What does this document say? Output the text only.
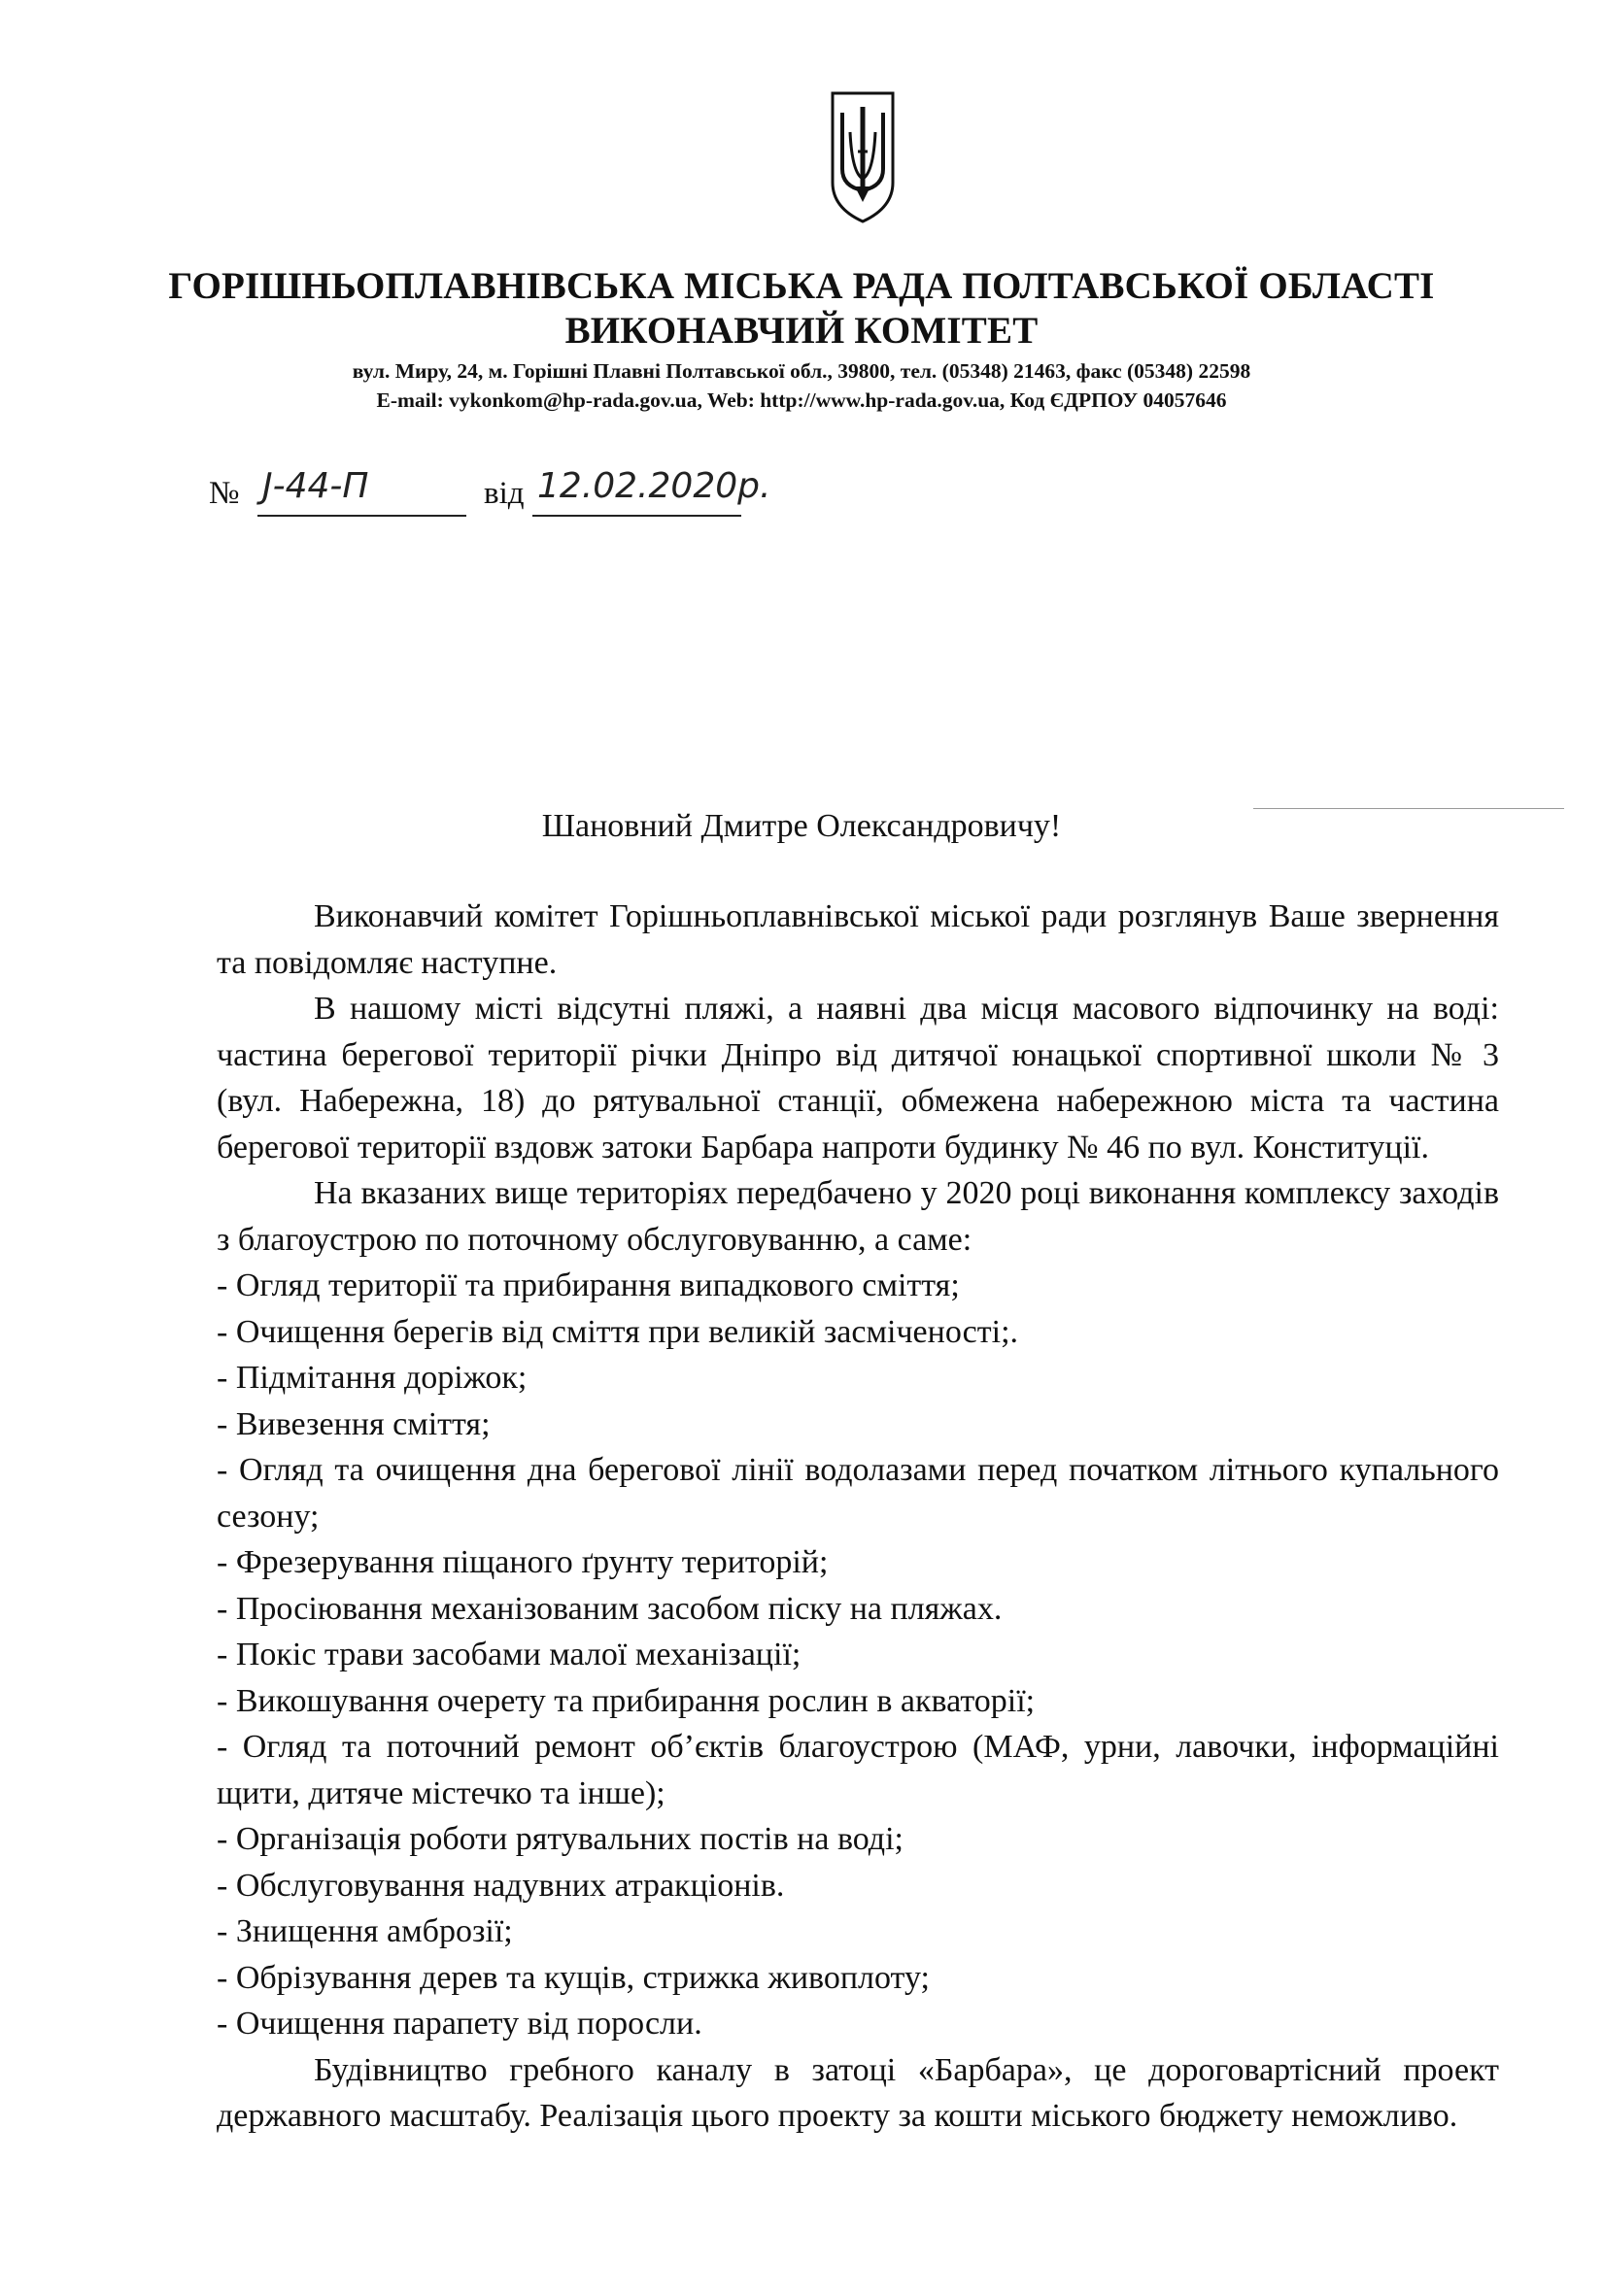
ГОРІШНЬОПЛАВНІВСЬКА МІСЬКА РАДА ПОЛТАВСЬКОЇ ОБЛАСТІ
ВИКОНАВЧИЙ КОМІТЕТ
вул. Миру, 24, м. Горішні Плавні Полтавської обл., 39800, тел. (05348) 21463, факс (05348) 22598
E-mail: vykonkom@hp-rada.gov.ua, Web: http://www.hp-rada.gov.ua, Код ЄДРПОУ 04057646
№ J-44-П	від 12.02.2020р.
Шановний Дмитре Олександровичу!

Виконавчий комітет Горішньоплавнівської міської ради розглянув Ваше звернення та повідомляє наступне.

В нашому місті відсутні пляжі, а наявні два місця масового відпочинку на воді: частина берегової території річки Дніпро від дитячої юнацької спортивної школи № 3 (вул. Набережна, 18) до рятувальної станції, обмежена набережною міста та частина берегової території вздовж затоки Барбара напроти будинку № 46 по вул. Конституції.

На вказаних вище територіях передбачено у 2020 році виконання комплексу заходів з благоустрою по поточному обслуговуванню, а саме:

- Огляд території та прибирання випадкового сміття;

- Очищення берегів від сміття при великій засміченості;.

- Підмітання доріжок;

- Вивезення сміття;

- Огляд та очищення дна берегової лінії водолазами перед початком літнього купального сезону;

- Фрезерування піщаного ґрунту територій;

- Просіювання механізованим засобом піску на пляжах.

- Покіс трави засобами малої механізації;

- Викошування очерету та прибирання рослин в акваторії;

- Огляд та поточний ремонт об’єктів благоустрою (МАФ, урни, лавочки, інформаційні щити, дитяче містечко та інше);

- Організація роботи рятувальних постів на воді;

- Обслуговування надувних атракціонів.

- Знищення амброзії;

- Обрізування дерев та кущів, стрижка живоплоту;

- Очищення парапету від поросли.

Будівництво гребного каналу в затоці «Барбара», це дороговартісний проект державного масштабу. Реалізація цього проекту за кошти міського бюджету неможливо.
